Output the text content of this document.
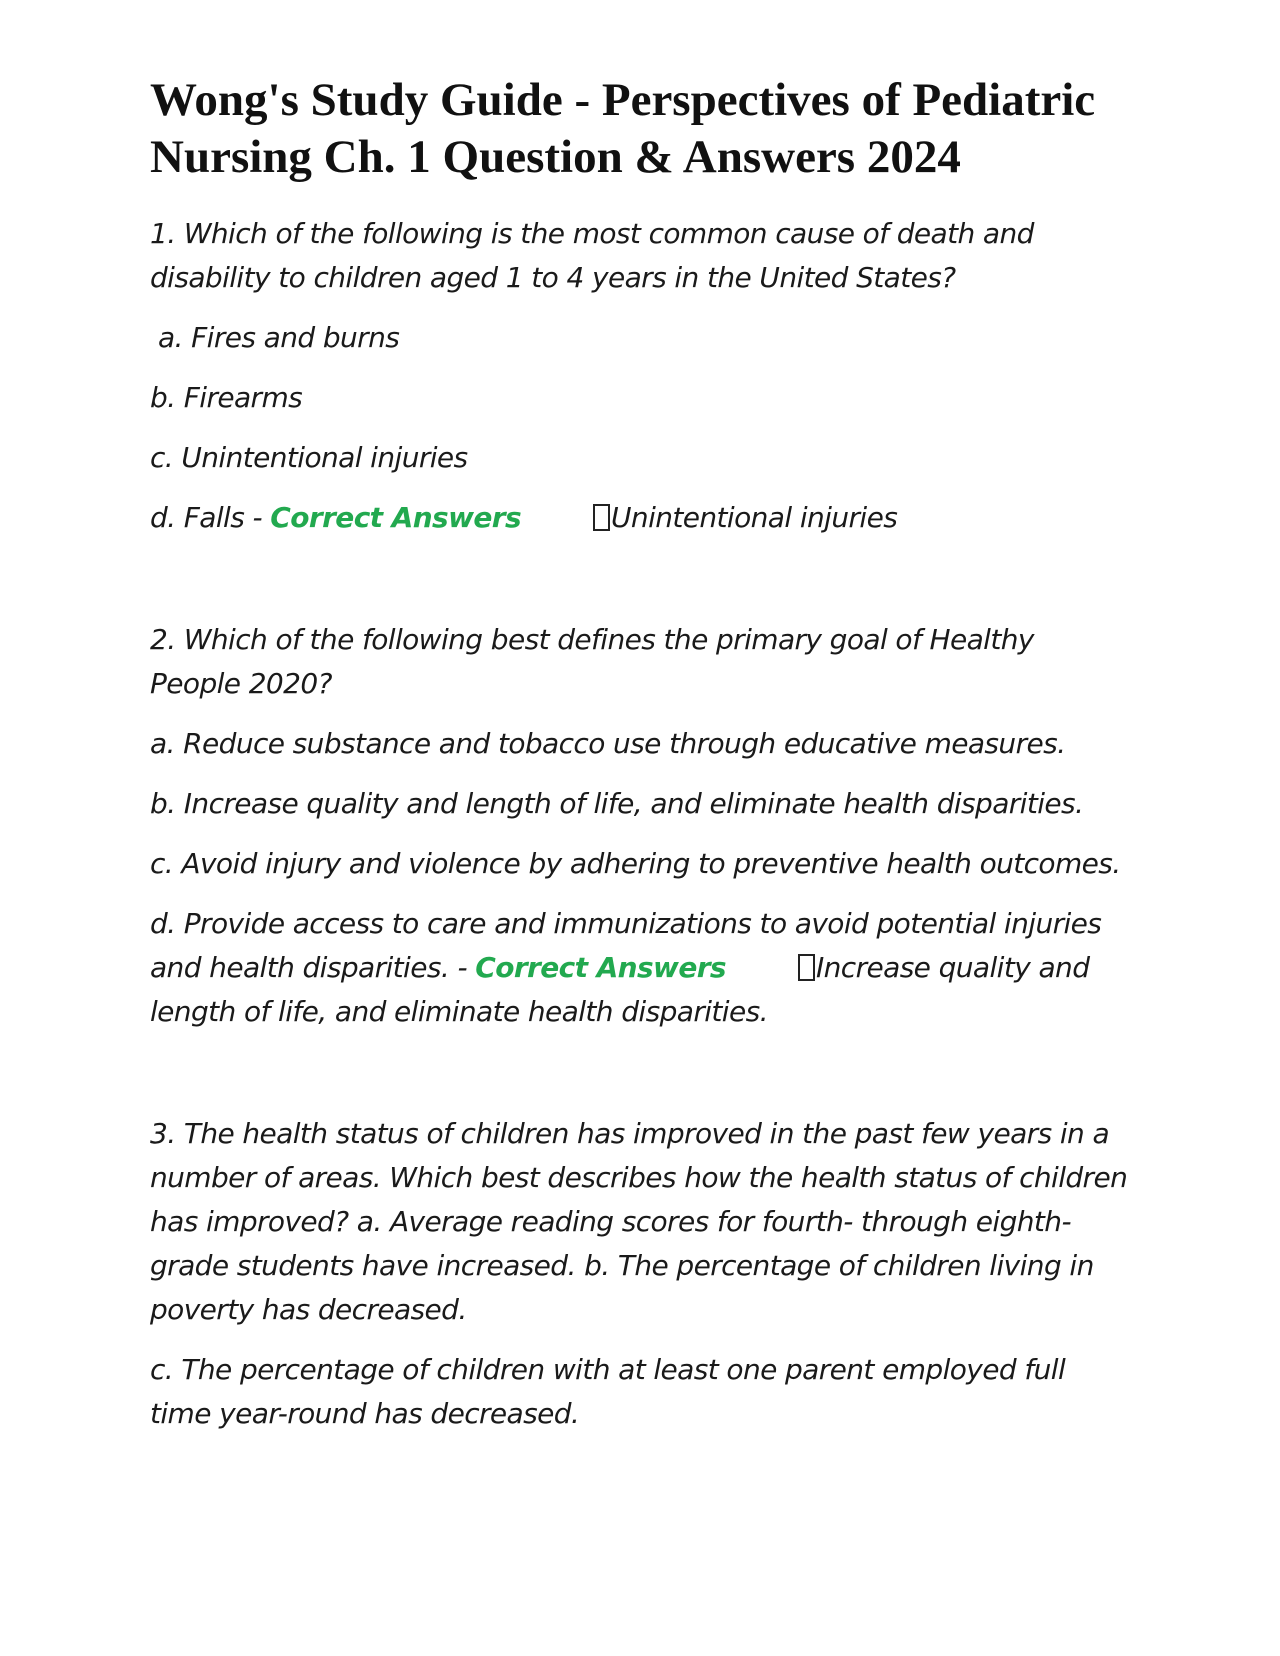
Wong's Study Guide - Perspectives of Pediatric Nursing Ch. 1 Question & Answers 2024

1. Which of the following is the most common cause of death and disability to children aged 1 to 4 years in the United States?

a. Fires and burns

b. Firearms

c. Unintentional injuries

d. Falls - Correct Answers	Unintentional injuries

2. Which of the following best defines the primary goal of Healthy People 2020?

a. Reduce substance and tobacco use through educative measures.

b. Increase quality and length of life, and eliminate health disparities.

c. Avoid injury and violence by adhering to preventive health outcomes.

d. Provide access to care and immunizations to avoid potential injuries and health disparities. - Correct Answers	Increase quality and length of life, and eliminate health disparities.

3. The health status of children has improved in the past few years in a number of areas. Which best describes how the health status of children has improved? a. Average reading scores for fourth- through eighth-grade students have increased. b. The percentage of children living in poverty has decreased.

c. The percentage of children with at least one parent employed full time year-round has decreased.
